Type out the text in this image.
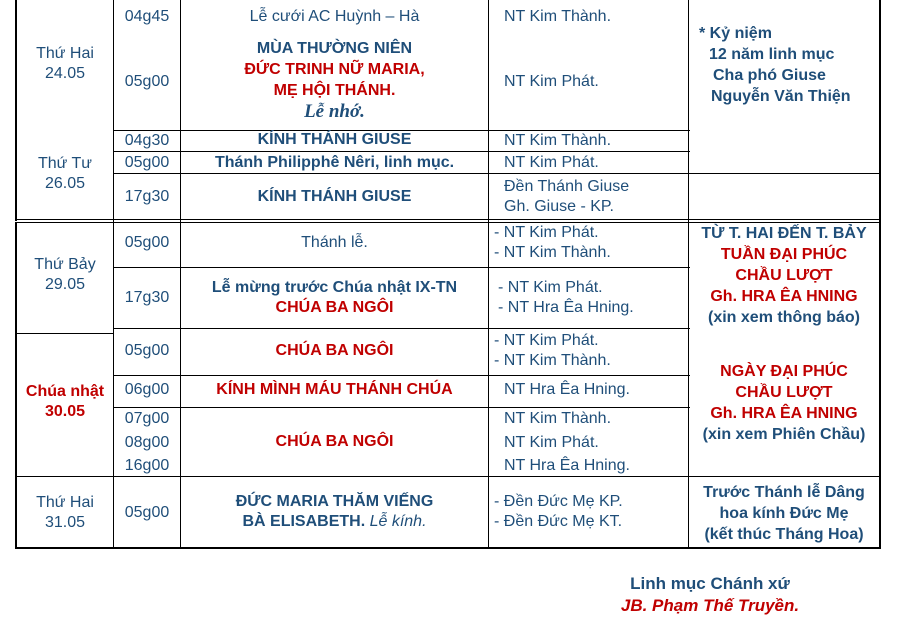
Thứ Hai
24.05
Thứ Tư
26.05
Thứ Bảy
29.05
Chúa nhật
30.05
Thứ Hai
31.05
04g45
05g00
04g30
05g00
17g30
05g00
17g30
05g00
06g00
07g00
08g00
16g00
05g00
Lễ cưới AC Huỳnh – Hà
MÙA THƯỜNG NIÊN
ĐỨC TRINH NỮ MARIA,
MẸ HỘI THÁNH.
Lễ nhớ.
KÍNH THÁNH GIUSE
Thánh Philipphê Nêri, linh mục.
KÍNH THÁNH GIUSE
Thánh lễ.
Lễ mừng trước Chúa nhật IX-TN
CHÚA BA NGÔI
CHÚA BA NGÔI
KÍNH MÌNH MÁU THÁNH CHÚA
CHÚA BA NGÔI
ĐỨC MARIA THĂM VIẾNG
BÀ ELISABETH. Lễ kính.
NT Kim Thành.
NT Kim Phát.
NT Kim Thành.
NT Kim Phát.
Đền Thánh Giuse
Gh. Giuse - KP.
- NT Kim Phát.
- NT Kim Thành.
- NT Kim Phát.
- NT Hra Êa Hning.
- NT Kim Phát.
- NT Kim Thành.
NT Hra Êa Hning.
NT Kim Thành.
NT Kim Phát.
NT Hra Êa Hning.
- Đền Đức Mẹ KP.
- Đền Đức Mẹ KT.
* Kỷ niệm
12 năm linh mục
Cha phó Giuse
Nguyễn Văn Thiện
TỪ T. HAI ĐẾN T. BẢY
TUẦN ĐẠI PHÚC
CHẦU LƯỢT
Gh. HRA ÊA HNING
(xin xem thông báo)
NGÀY ĐẠI PHÚC
CHẦU LƯỢT
Gh. HRA ÊA HNING
(xin xem Phiên Chầu)
Trước Thánh lễ Dâng
hoa kính Đức Mẹ
(kết thúc Tháng Hoa)
Linh mục Chánh xứ
JB. Phạm Thế Truyền.
